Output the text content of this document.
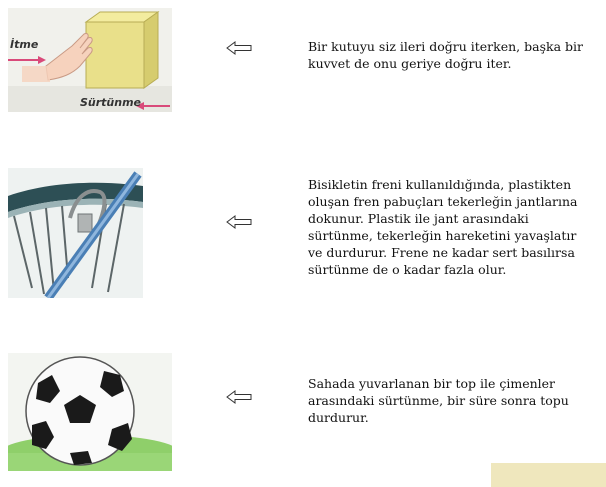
İtme
Sürtünme
Bir kutuyu siz ileri doğru iterken, başka bir
kuvvet de onu geriye doğru iter.
Bisikletin freni kullanıldığında, plastikten
oluşan fren pabuçları tekerleğin jantlarına
dokunur. Plastik ile jant arasındaki
sürtünme, tekerleğin hareketini yavaşlatır
ve durdurur. Frene ne kadar sert basılırsa
sürtünme de o kadar fazla olur.
Sahada yuvarlanan bir top ile çimenler
arasındaki sürtünme, bir süre sonra topu
durdurur.
